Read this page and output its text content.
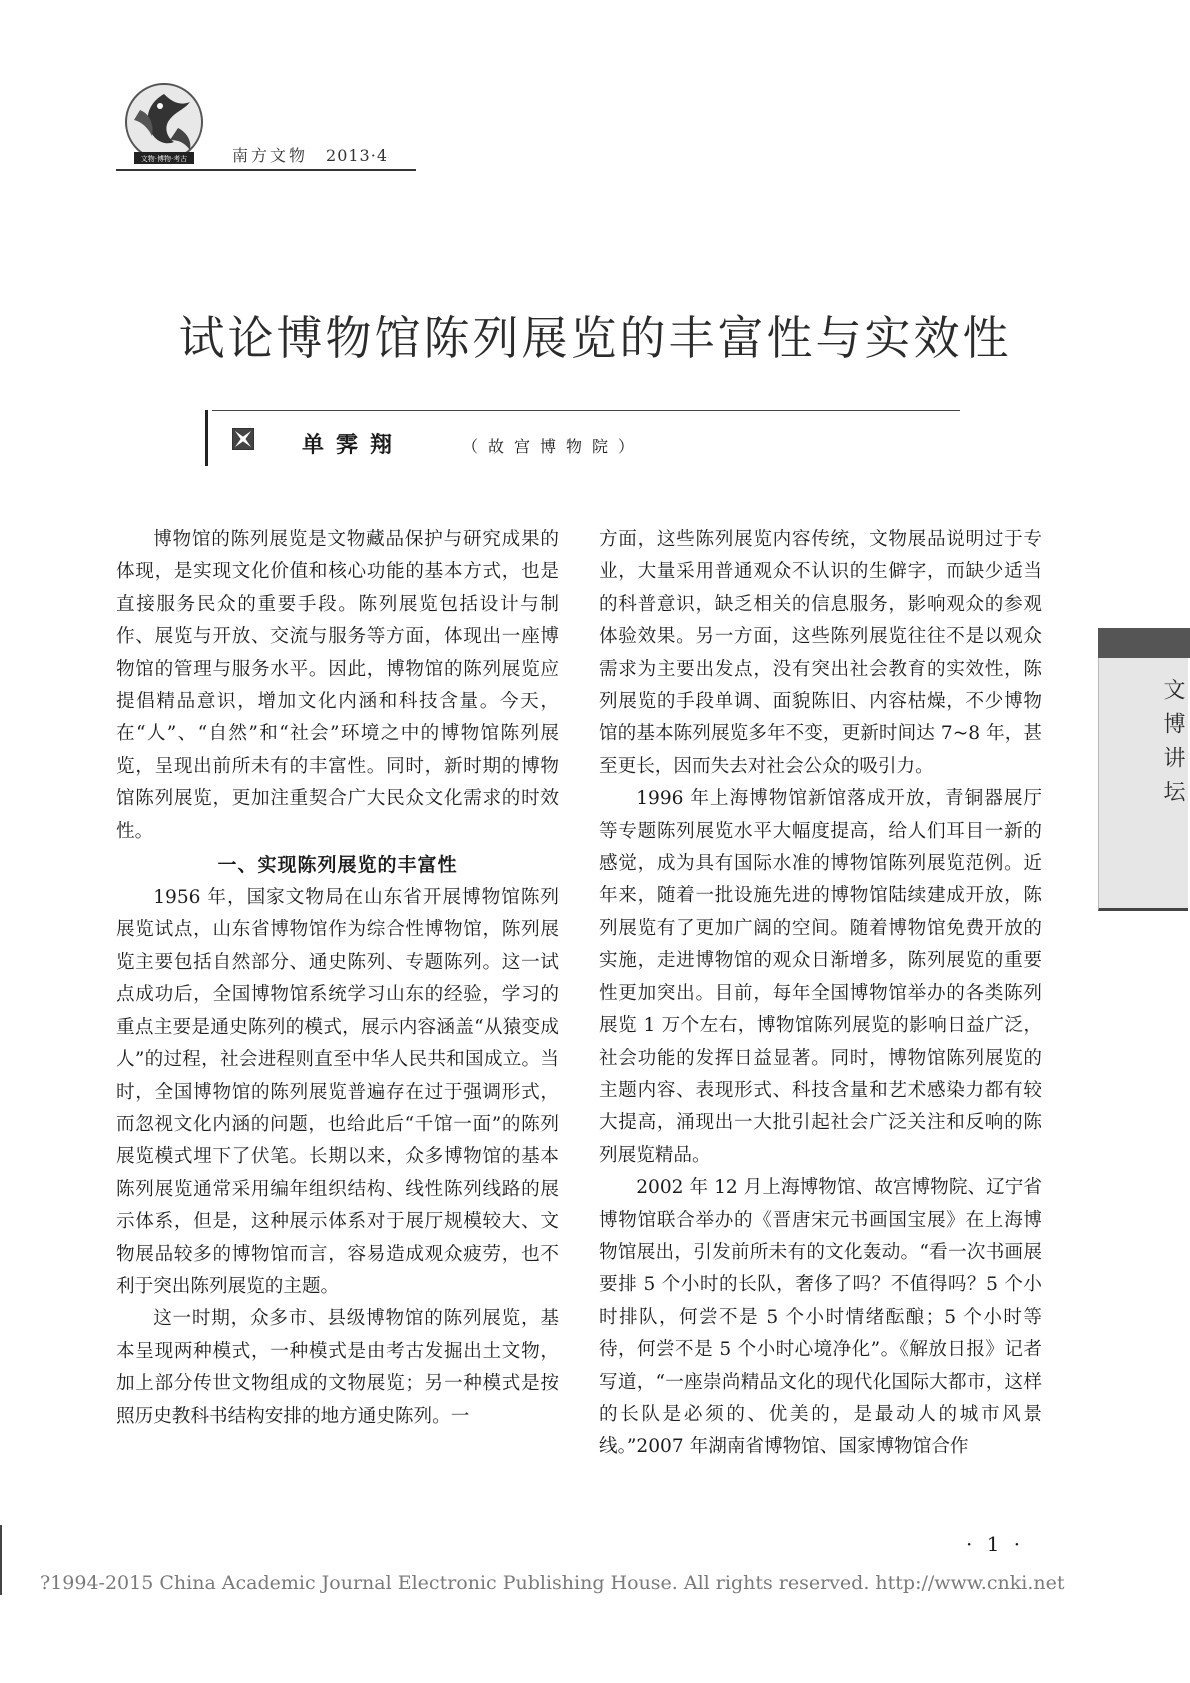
文物·博物·考古	南方文物 2013·4
试论博物馆陈列展览的丰富性与实效性
单霁翔	（故宫博物院）

博物馆的陈列展览是文物藏品保护与研究成果的体现，是实现文化价值和核心功能的基本方式，也是直接服务民众的重要手段。陈列展览包括设计与制作、展览与开放、交流与服务等方面，体现出一座博物馆的管理与服务水平。因此，博物馆的陈列展览应提倡精品意识，增加文化内涵和科技含量。今天，在“人”、“自然”和“社会”环境之中的博物馆陈列展览，呈现出前所未有的丰富性。同时，新时期的博物馆陈列展览，更加注重契合广大民众文化需求的时效性。

一、实现陈列展览的丰富性

1956 年，国家文物局在山东省开展博物馆陈列展览试点，山东省博物馆作为综合性博物馆，陈列展览主要包括自然部分、通史陈列、专题陈列。这一试点成功后，全国博物馆系统学习山东的经验，学习的重点主要是通史陈列的模式，展示内容涵盖“从猿变成人”的过程，社会进程则直至中华人民共和国成立。当时，全国博物馆的陈列展览普遍存在过于强调形式，而忽视文化内涵的问题，也给此后“千馆一面”的陈列展览模式埋下了伏笔。长期以来，众多博物馆的基本陈列展览通常采用编年组织结构、线性陈列线路的展示体系，但是，这种展示体系对于展厅规模较大、文物展品较多的博物馆而言，容易造成观众疲劳，也不利于突出陈列展览的主题。

这一时期，众多市、县级博物馆的陈列展览，基本呈现两种模式，一种模式是由考古发掘出土文物，加上部分传世文物组成的文物展览；另一种模式是按照历史教科书结构安排的地方通史陈列。一

方面，这些陈列展览内容传统，文物展品说明过于专业，大量采用普通观众不认识的生僻字，而缺少适当的科普意识，缺乏相关的信息服务，影响观众的参观体验效果。另一方面，这些陈列展览往往不是以观众需求为主要出发点，没有突出社会教育的实效性，陈列展览的手段单调、面貌陈旧、内容枯燥，不少博物馆的基本陈列展览多年不变，更新时间达 7~8 年，甚至更长，因而失去对社会公众的吸引力。

1996 年上海博物馆新馆落成开放，青铜器展厅等专题陈列展览水平大幅度提高，给人们耳目一新的感觉，成为具有国际水准的博物馆陈列展览范例。近年来，随着一批设施先进的博物馆陆续建成开放，陈列展览有了更加广阔的空间。随着博物馆免费开放的实施，走进博物馆的观众日渐增多，陈列展览的重要性更加突出。目前，每年全国博物馆举办的各类陈列展览 1 万个左右，博物馆陈列展览的影响日益广泛，社会功能的发挥日益显著。同时，博物馆陈列展览的主题内容、表现形式、科技含量和艺术感染力都有较大提高，涌现出一大批引起社会广泛关注和反响的陈列展览精品。

2002 年 12 月上海博物馆、故宫博物院、辽宁省博物馆联合举办的《晋唐宋元书画国宝展》在上海博物馆展出，引发前所未有的文化轰动。“看一次书画展要排 5 个小时的长队，奢侈了吗？不值得吗？5 个小时排队，何尝不是 5 个小时情绪酝酿；5 个小时等待，何尝不是 5 个小时心境净化”。《解放日报》记者写道，“一座崇尚精品文化的现代化国际大都市，这样的长队是必须的、优美的，是最动人的城市风景线。”2007 年湖南省博物馆、国家博物馆合作

文博讲坛
· 1 ·
?1994-2015 China Academic Journal Electronic Publishing House. All rights reserved. http://www.cnki.net
